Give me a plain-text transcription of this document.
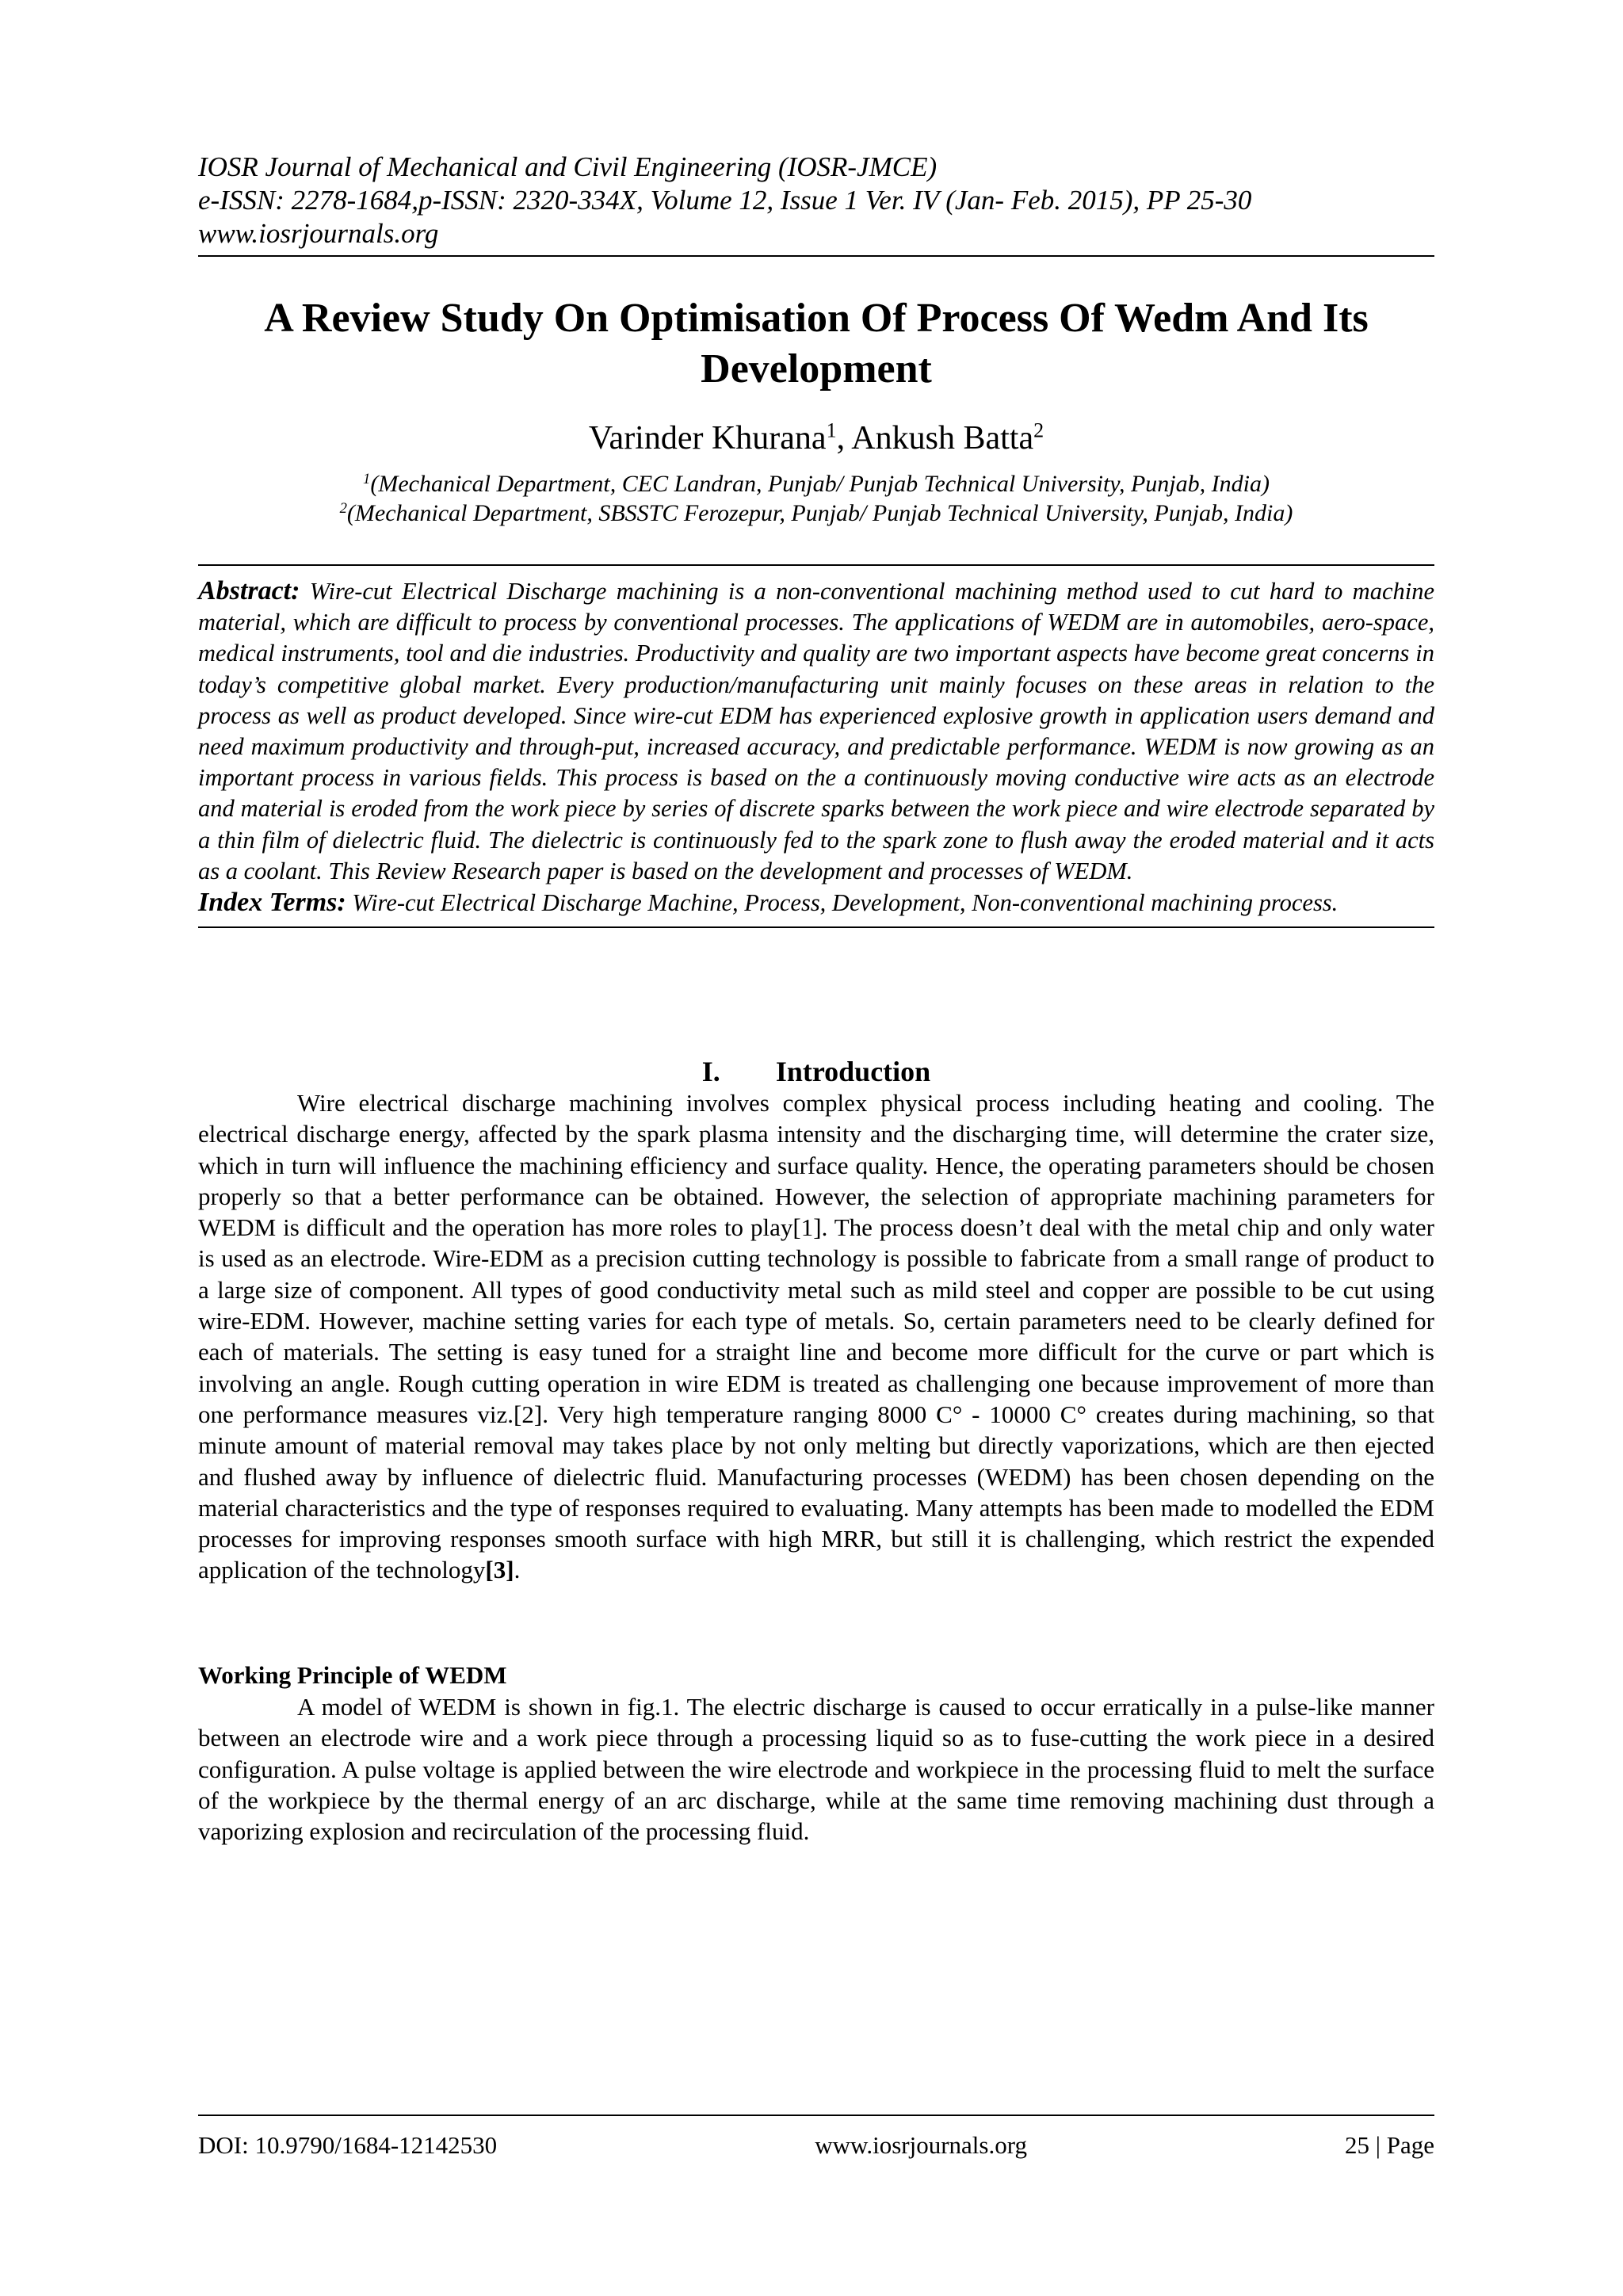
IOSR Journal of Mechanical and Civil Engineering (IOSR-JMCE)
e-ISSN: 2278-1684,p-ISSN: 2320-334X, Volume 12, Issue 1 Ver. IV (Jan- Feb. 2015), PP 25-30
www.iosrjournals.org
A Review Study On Optimisation Of Process Of Wedm And Its Development
Varinder Khurana$^1$, Ankush Batta$^2$
$^1$(Mechanical Department, CEC Landran, Punjab/ Punjab Technical University, Punjab, India)
$^2$(Mechanical Department, SBSSTC Ferozepur, Punjab/ Punjab Technical University, Punjab, India)

Abstract: Wire-cut Electrical Discharge machining is a non-conventional machining method used to cut hard to machine material, which are difficult to process by conventional processes. The applications of WEDM are in automobiles, aero-space, medical instruments, tool and die industries. Productivity and quality are two important aspects have become great concerns in today’s competitive global market. Every production/manufacturing unit mainly focuses on these areas in relation to the process as well as product developed. Since wire-cut EDM has experienced explosive growth in application users demand and need maximum productivity and through-put, increased accuracy, and predictable performance. WEDM is now growing as an important process in various fields. This process is based on the a continuously moving conductive wire acts as an electrode and material is eroded from the work piece by series of discrete sparks between the work piece and wire electrode separated by a thin film of dielectric fluid. The dielectric is continuously fed to the spark zone to flush away the eroded material and it acts as a coolant. This Review Research paper is based on the development and processes of WEDM.

Index Terms: Wire-cut Electrical Discharge Machine, Process, Development, Non-conventional machining process.

I. Introduction

Wire electrical discharge machining involves complex physical process including heating and cooling. The electrical discharge energy, affected by the spark plasma intensity and the discharging time, will determine the crater size, which in turn will influence the machining efficiency and surface quality. Hence, the operating parameters should be chosen properly so that a better performance can be obtained. However, the selection of appropriate machining parameters for WEDM is difficult and the operation has more roles to play[1]. The process doesn’t deal with the metal chip and only water is used as an electrode. Wire-EDM as a precision cutting technology is possible to fabricate from a small range of product to a large size of component. All types of good conductivity metal such as mild steel and copper are possible to be cut using wire-EDM. However, machine setting varies for each type of metals. So, certain parameters need to be clearly defined for each of materials. The setting is easy tuned for a straight line and become more difficult for the curve or part which is involving an angle. Rough cutting operation in wire EDM is treated as challenging one because improvement of more than one performance measures viz.[2]. Very high temperature ranging 8000 C° - 10000 C° creates during machining, so that minute amount of material removal may takes place by not only melting but directly vaporizations, which are then ejected and flushed away by influence of dielectric fluid. Manufacturing processes (WEDM) has been chosen depending on the material characteristics and the type of responses required to evaluating. Many attempts has been made to modelled the EDM processes for improving responses smooth surface with high MRR, but still it is challenging, which restrict the expended application of the technology[3].

Working Principle of WEDM

A model of WEDM is shown in fig.1. The electric discharge is caused to occur erratically in a pulse-like manner between an electrode wire and a work piece through a processing liquid so as to fuse-cutting the work piece in a desired configuration. A pulse voltage is applied between the wire electrode and workpiece in the processing fluid to melt the surface of the workpiece by the thermal energy of an arc discharge, while at the same time removing machining dust through a vaporizing explosion and recirculation of the processing fluid.

DOI: 10.9790/1684-12142530	www.iosrjournals.org	25 | Page
